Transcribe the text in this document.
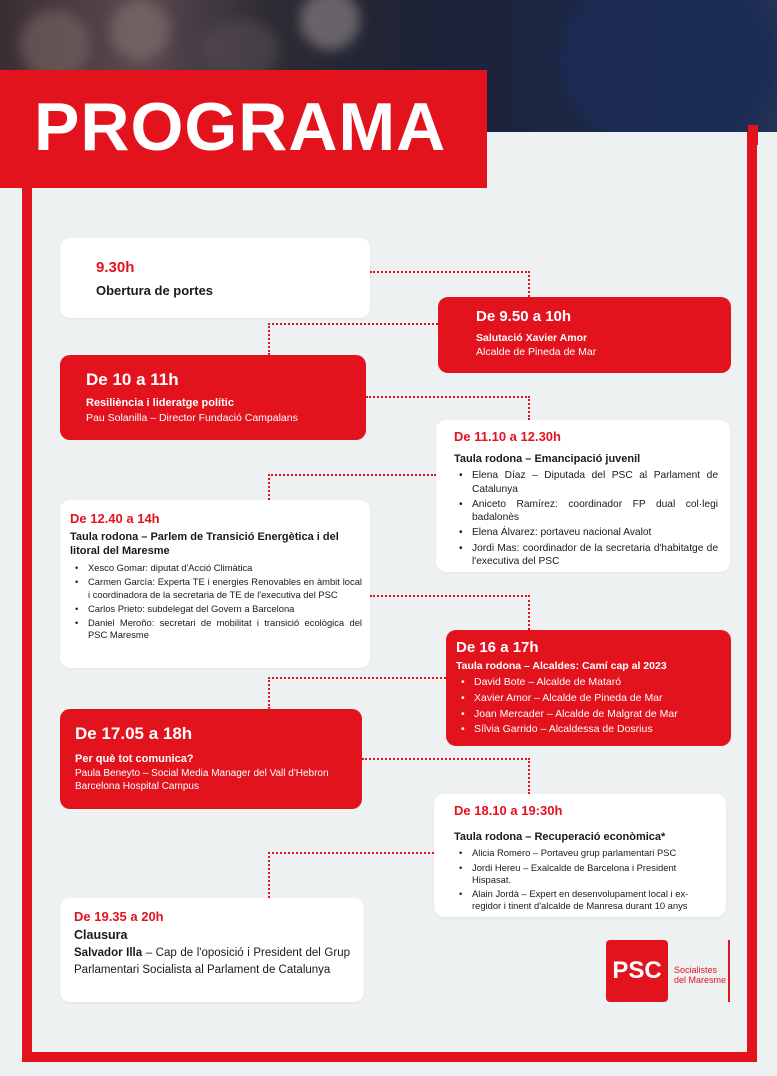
PROGRAMA
9.30h
Obertura de portes
De 9.50 a 10h
Salutació Xavier Amor
Alcalde de Pineda de Mar
De 10 a 11h
Resiliència i lideratge polític
Pau Solanilla – Director Fundació Campalans
De 11.10 a 12.30h
Taula rodona – Emancipació juvenil
• Elena Díaz – Diputada del PSC al Parlament de Catalunya
• Aniceto Ramírez: coordinador FP dual col·legi badalonès
• Elena Álvarez: portaveu nacional Avalot
• Jordi Mas: coordinador de la secretaria d'habitatge de l'executiva del PSC
De 12.40 a 14h
Taula rodona – Parlem de Transició Energètica i del litoral del Maresme
• Xesco Gomar: diputat d'Acció Climàtica
• Carmen García: Experta TE i energies Renovables en àmbit local i coordinadora de la secretaria de TE de l'executiva del PSC
• Carlos Prieto: subdelegat del Govern a Barcelona
• Daniel Meroño: secretari de mobilitat i transició ecològica del PSC Maresme
De 16 a 17h
Taula rodona – Alcaldes: Camí cap al 2023
• David Bote – Alcalde de Mataró
• Xavier Amor – Alcalde de Pineda de Mar
• Joan Mercader – Alcalde de Malgrat de Mar
• Sílvia Garrido – Alcaldessa de Dosrius
De 17.05 a 18h
Per què tot comunica?
Paula Beneyto – Social Media Manager del Vall d'Hebron Barcelona Hospital Campus
De 18.10 a 19:30h
Taula rodona – Recuperació econòmica*
• Alicia Romero – Portaveu grup parlamentari PSC
• Jordi Hereu – Exalcalde de Barcelona i President Hispasat.
• Alain Jordà – Expert en desenvolupament local i ex-regidor i tinent d'alcalde de Manresa durant 10 anys
De 19.35 a 20h
Clausura
Salvador Illa – Cap de l'oposició i President del Grup Parlamentari Socialista al Parlament de Catalunya	PSC	Socialistes
del Maresme
